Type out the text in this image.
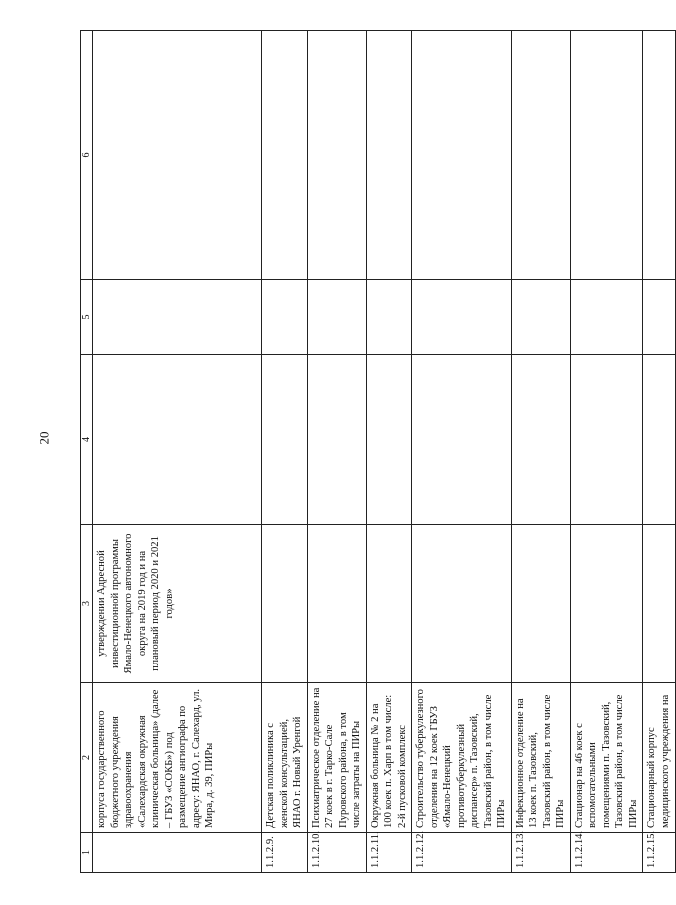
20
1	2	3	4	5	6
	корпуса государственного бюджетного учреждения здравоохранения «Салехардская окружная клиническая больница» (далее – ГБУЗ «СОКБ») под размещение ангиографа по адресу: ЯНАО, г. Салехард, ул. Мира, д. 39, ПИРы	утверждении Адресной инвестиционной программы Ямало-Ненецкого автономного округа на 2019 год и на плановый период 2020 и 2021 годов»			
1.1.2.9.	Детская поликлиника с женской консультацией, ЯНАО г. Новый Уренгой				
1.1.2.10.	Психиатрическое отделение на 27 коек в г. Тарко-Сале Пуровского района, в том числе затраты на ПИРы				
1.1.2.11.	Окружная больница № 2 на 100 коек п. Харп в том числе: 2-й пусковой комплекс				
1.1.2.12.	Строительство туберкулезного отделения на 12 коек ГБУЗ «Ямало-Ненецкий противотуберкулезный диспансер» п. Тазовский, Тазовский район, в том числе ПИРы				
1.1.2.13.	Инфекционное отделение на 13 коек п. Тазовский, Тазовский район, в том числе ПИРы				
1.1.2.14.	Стационар на 46 коек с вспомогательными помещениями п. Тазовский, Тазовский район, в том числе ПИРы				
1.1.2.15.	Стационарный корпус медицинского учреждения на				
